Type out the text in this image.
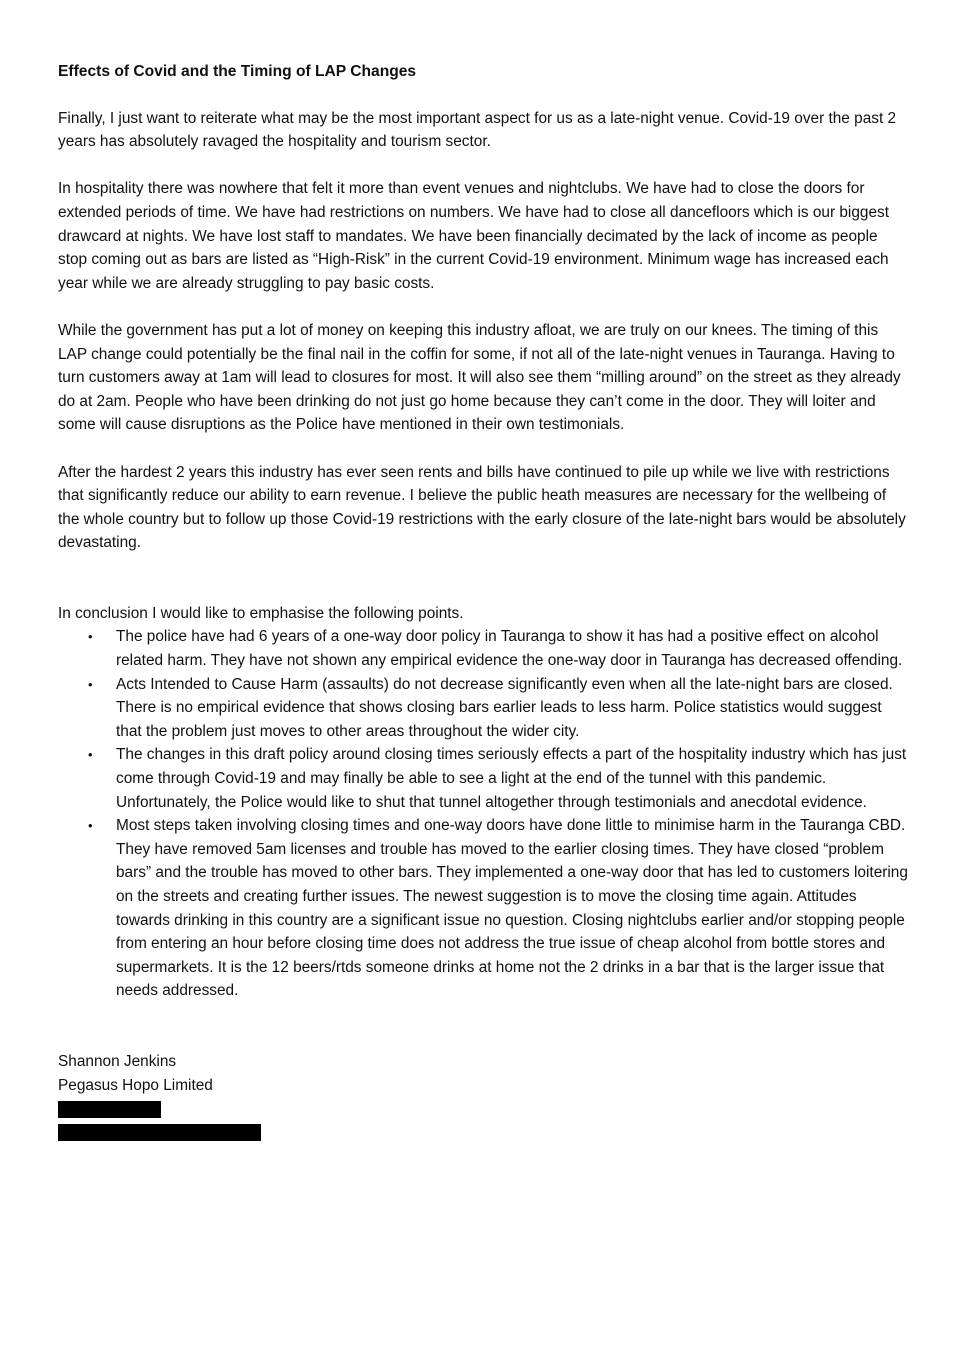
Effects of Covid and the Timing of LAP Changes

Finally, I just want to reiterate what may be the most important aspect for us as a late-night venue. Covid-19 over the past 2 years has absolutely ravaged the hospitality and tourism sector.

In hospitality there was nowhere that felt it more than event venues and nightclubs. We have had to close the doors for extended periods of time. We have had restrictions on numbers. We have had to close all dancefloors which is our biggest drawcard at nights. We have lost staff to mandates. We have been financially decimated by the lack of income as people stop coming out as bars are listed as “High-Risk” in the current Covid-19 environment. Minimum wage has increased each year while we are already struggling to pay basic costs.

While the government has put a lot of money on keeping this industry afloat, we are truly on our knees. The timing of this LAP change could potentially be the final nail in the coffin for some, if not all of the late-night venues in Tauranga. Having to turn customers away at 1am will lead to closures for most. It will also see them “milling around” on the street as they already do at 2am. People who have been drinking do not just go home because they can’t come in the door. They will loiter and some will cause disruptions as the Police have mentioned in their own testimonials.

After the hardest 2 years this industry has ever seen rents and bills have continued to pile up while we live with restrictions that significantly reduce our ability to earn revenue. I believe the public heath measures are necessary for the wellbeing of the whole country but to follow up those Covid-19 restrictions with the early closure of the late-night bars would be absolutely devastating.

In conclusion I would like to emphasise the following points.

• The police have had 6 years of a one-way door policy in Tauranga to show it has had a positive effect on alcohol related harm. They have not shown any empirical evidence the one-way door in Tauranga has decreased offending.
• Acts Intended to Cause Harm (assaults) do not decrease significantly even when all the late-night bars are closed. There is no empirical evidence that shows closing bars earlier leads to less harm. Police statistics would suggest that the problem just moves to other areas throughout the wider city.
• The changes in this draft policy around closing times seriously effects a part of the hospitality industry which has just come through Covid-19 and may finally be able to see a light at the end of the tunnel with this pandemic. Unfortunately, the Police would like to shut that tunnel altogether through testimonials and anecdotal evidence.
• Most steps taken involving closing times and one-way doors have done little to minimise harm in the Tauranga CBD. They have removed 5am licenses and trouble has moved to the earlier closing times. They have closed “problem bars” and the trouble has moved to other bars. They implemented a one-way door that has led to customers loitering on the streets and creating further issues. The newest suggestion is to move the closing time again. Attitudes towards drinking in this country are a significant issue no question. Closing nightclubs earlier and/or stopping people from entering an hour before closing time does not address the true issue of cheap alcohol from bottle stores and supermarkets. It is the 12 beers/rtds someone drinks at home not the 2 drinks in a bar that is the larger issue that needs addressed.
Shannon Jenkins
Pegasus Hopo Limited
